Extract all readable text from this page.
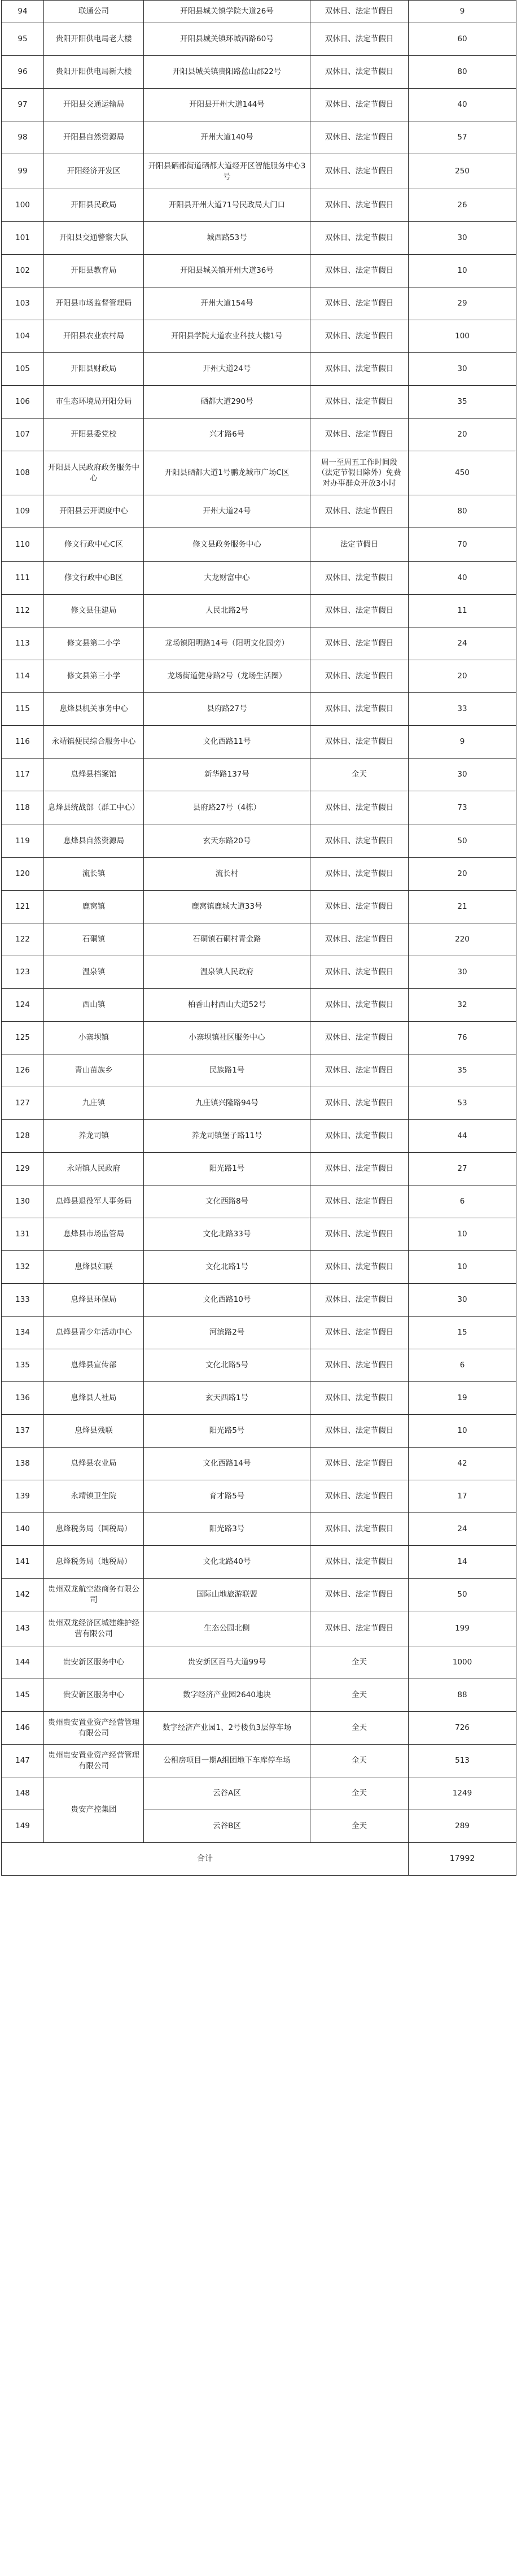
94	联通公司	开阳县城关镇学院大道26号	双休日、法定节假日	9
95	贵阳开阳供电局老大楼	开阳县城关镇环城西路60号	双休日、法定节假日	60
96	贵阳开阳供电局新大楼	开阳县城关镇贵阳路蓝山郡22号	双休日、法定节假日	80
97	开阳县交通运输局	开阳县开州大道144号	双休日、法定节假日	40
98	开阳县自然资源局	开州大道140号	双休日、法定节假日	57
99	开阳经济开发区	开阳县硒都街道硒都大道经开区智能服务中心3号	双休日、法定节假日	250
100	开阳县民政局	开阳县开州大道71号民政局大门口	双休日、法定节假日	26
101	开阳县交通警察大队	城西路53号	双休日、法定节假日	30
102	开阳县教育局	开阳县城关镇开州大道36号	双休日、法定节假日	10
103	开阳县市场监督管理局	开州大道154号	双休日、法定节假日	29
104	开阳县农业农村局	开阳县学院大道农业科技大楼1号	双休日、法定节假日	100
105	开阳县财政局	开州大道24号	双休日、法定节假日	30
106	市生态环境局开阳分局	硒都大道290号	双休日、法定节假日	35
107	开阳县委党校	兴才路6号	双休日、法定节假日	20
108	开阳县人民政府政务服务中心	开阳县硒都大道1号鹏龙城市广场C区	周一至周五工作时间段（法定节假日除外）免费对办事群众开放3小时	450
109	开阳县云开调度中心	开州大道24号	双休日、法定节假日	80
110	修文行政中心C区	修文县政务服务中心	法定节假日	70
111	修文行政中心B区	大龙财富中心	双休日、法定节假日	40
112	修文县住建局	人民北路2号	双休日、法定节假日	11
113	修文县第二小学	龙场镇阳明路14号（阳明文化园旁）	双休日、法定节假日	24
114	修文县第三小学	龙场街道健身路2号（龙场生活圈）	双休日、法定节假日	20
115	息烽县机关事务中心	县府路27号	双休日、法定节假日	33
116	永靖镇便民综合服务中心	文化西路11号	双休日、法定节假日	9
117	息烽县档案馆	新华路137号	全天	30
118	息烽县统战部（群工中心）	县府路27号（4栋）	双休日、法定节假日	73
119	息烽县自然资源局	玄天东路20号	双休日、法定节假日	50
120	流长镇	流长村	双休日、法定节假日	20
121	鹿窝镇	鹿窝镇鹿城大道33号	双休日、法定节假日	21
122	石硐镇	石硐镇石硐村青金路	双休日、法定节假日	220
123	温泉镇	温泉镇人民政府	双休日、法定节假日	30
124	西山镇	柏香山村西山大道52号	双休日、法定节假日	32
125	小寨坝镇	小寨坝镇社区服务中心	双休日、法定节假日	76
126	青山苗族乡	民族路1号	双休日、法定节假日	35
127	九庄镇	九庄镇兴隆路94号	双休日、法定节假日	53
128	养龙司镇	养龙司镇堡子路11号	双休日、法定节假日	44
129	永靖镇人民政府	阳光路1号	双休日、法定节假日	27
130	息烽县退役军人事务局	文化西路8号	双休日、法定节假日	6
131	息烽县市场监管局	文化北路33号	双休日、法定节假日	10
132	息烽县妇联	文化北路1号	双休日、法定节假日	10
133	息烽县环保局	文化西路10号	双休日、法定节假日	30
134	息烽县青少年活动中心	河滨路2号	双休日、法定节假日	15
135	息烽县宣传部	文化北路5号	双休日、法定节假日	6
136	息烽县人社局	玄天西路1号	双休日、法定节假日	19
137	息烽县残联	阳光路5号	双休日、法定节假日	10
138	息烽县农业局	文化西路14号	双休日、法定节假日	42
139	永靖镇卫生院	育才路5号	双休日、法定节假日	17
140	息烽税务局（国税局）	阳光路3号	双休日、法定节假日	24
141	息烽税务局（地税局）	文化北路40号	双休日、法定节假日	14
142	贵州双龙航空港商务有限公司	国际山地旅游联盟	双休日、法定节假日	50
143	贵州双龙经济区城建维护经营有限公司	生态公园北侧	双休日、法定节假日	199
144	贵安新区服务中心	贵安新区百马大道99号	全天	1000
145	贵安新区服务中心	数字经济产业园2640地块	全天	88
146	贵州贵安置业资产经营管理有限公司	数字经济产业园1、2号楼负3层停车场	全天	726
147	贵州贵安置业资产经营管理有限公司	公租房项目一期A组团地下车库停车场	全天	513
148	贵安产控集团	云谷A区	全天	1249
149		云谷B区	全天	289
合计				17992
